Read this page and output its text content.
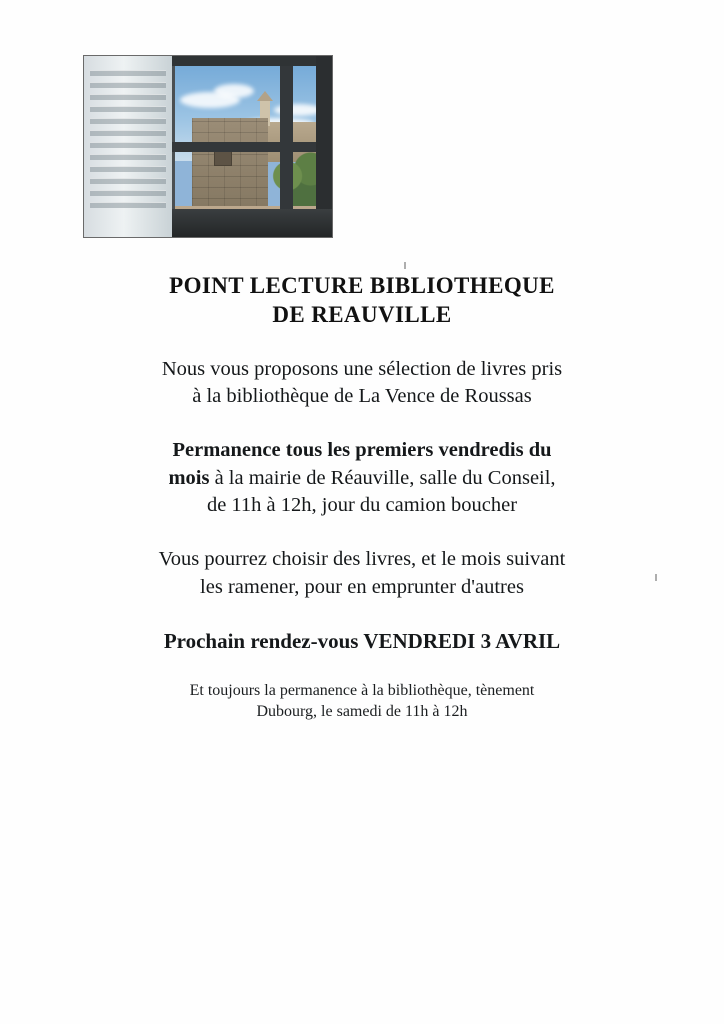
POINT LECTURE BIBLIOTHEQUE
DE REAUVILLE

Nous vous proposons une sélection de livres pris
à la bibliothèque de La Vence de Roussas

Permanence tous les premiers vendredis du
mois à la mairie de Réauville, salle du Conseil,
de 11h à 12h, jour du camion boucher

Vous pourrez choisir des livres, et le mois suivant
les ramener, pour en emprunter d'autres

Prochain rendez-vous VENDREDI 3 AVRIL

Et toujours la permanence à la bibliothèque, tènement
Dubourg, le samedi de 11h à 12h
